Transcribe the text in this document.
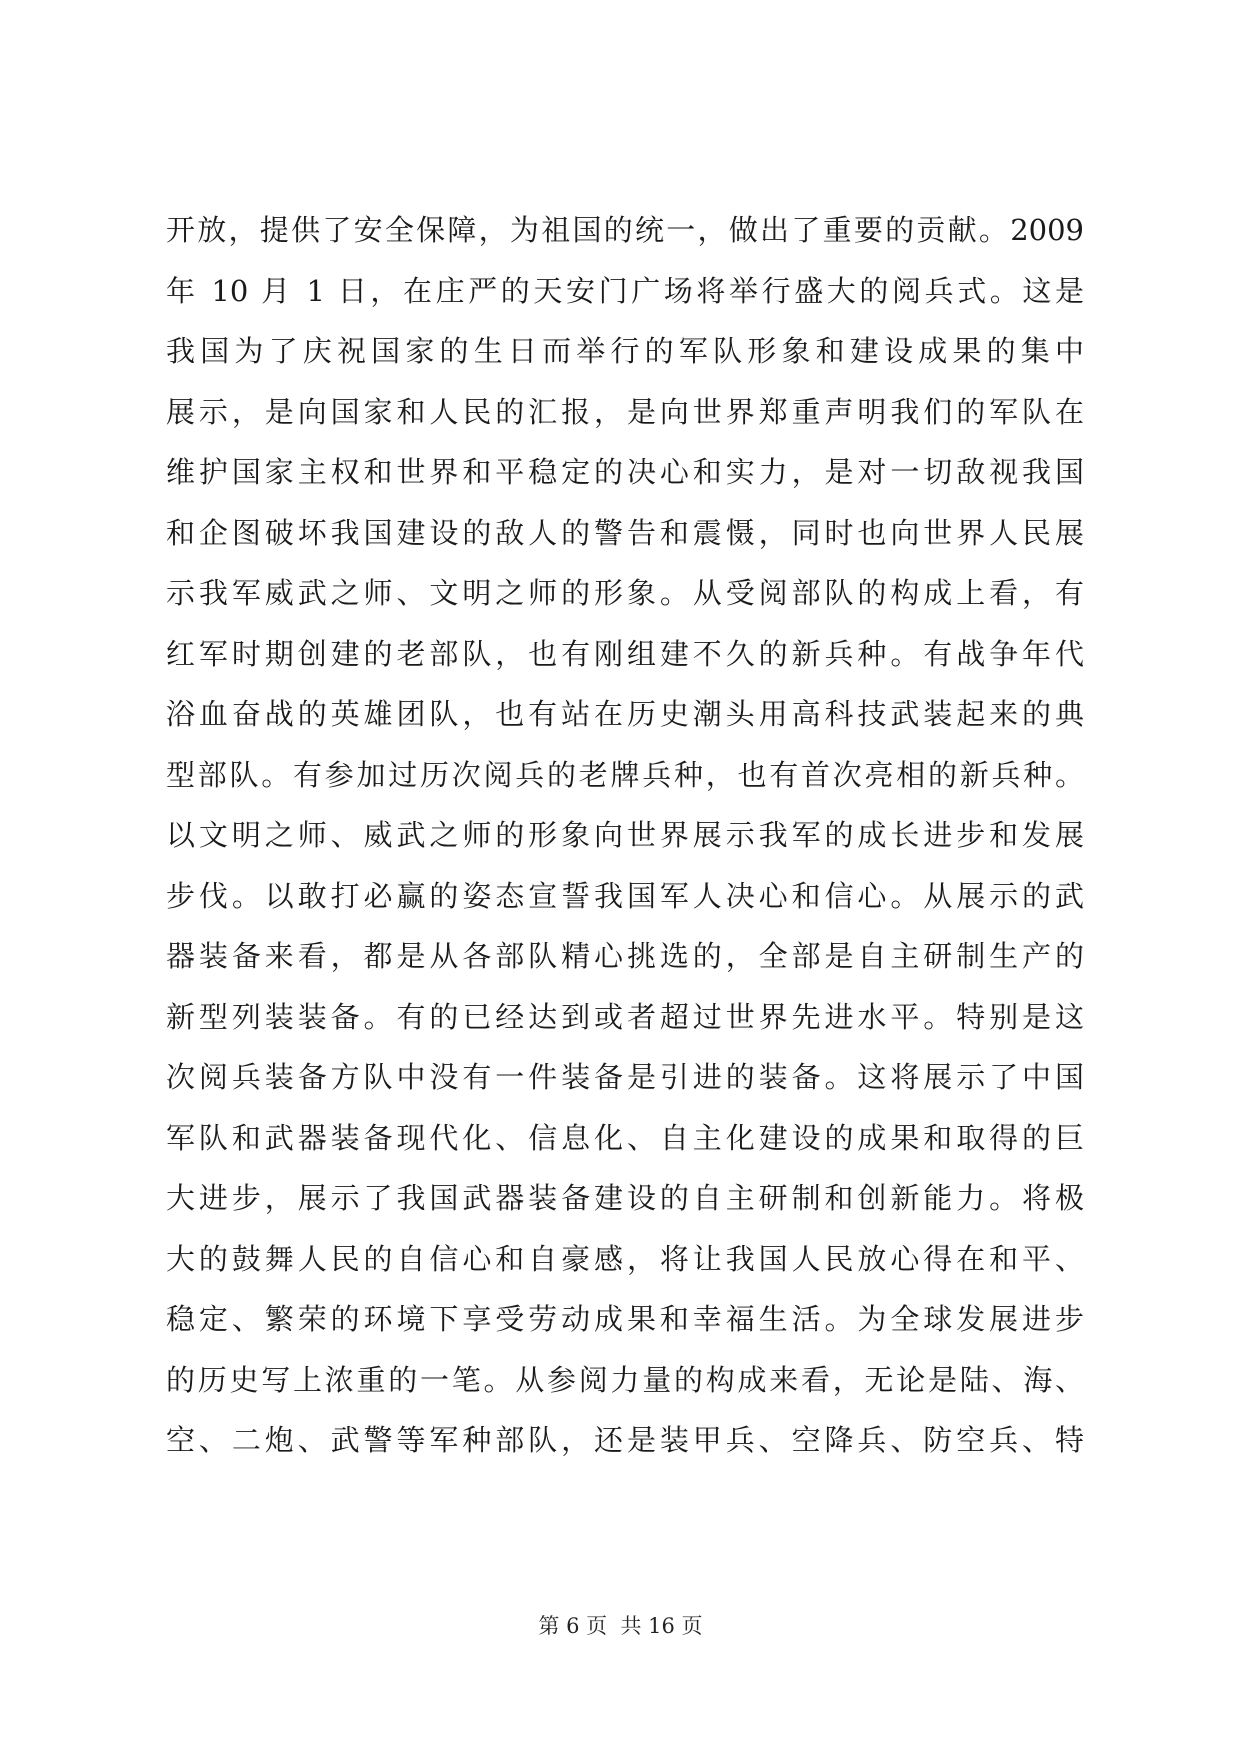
开放，提供了安全保障，为祖国的统一，做出了重要的贡献。2009
年 10 月 1 日，在庄严的天安门广场将举行盛大的阅兵式。这是
我国为了庆祝国家的生日而举行的军队形象和建设成果的集中
展示，是向国家和人民的汇报，是向世界郑重声明我们的军队在
维护国家主权和世界和平稳定的决心和实力，是对一切敌视我国
和企图破坏我国建设的敌人的警告和震慑，同时也向世界人民展
示我军威武之师、文明之师的形象。从受阅部队的构成上看，有
红军时期创建的老部队，也有刚组建不久的新兵种。有战争年代
浴血奋战的英雄团队，也有站在历史潮头用高科技武装起来的典
型部队。有参加过历次阅兵的老牌兵种，也有首次亮相的新兵种。
以文明之师、威武之师的形象向世界展示我军的成长进步和发展
步伐。以敢打必赢的姿态宣誓我国军人决心和信心。从展示的武
器装备来看，都是从各部队精心挑选的，全部是自主研制生产的
新型列装装备。有的已经达到或者超过世界先进水平。特别是这
次阅兵装备方队中没有一件装备是引进的装备。这将展示了中国
军队和武器装备现代化、信息化、自主化建设的成果和取得的巨
大进步，展示了我国武器装备建设的自主研制和创新能力。将极
大的鼓舞人民的自信心和自豪感，将让我国人民放心得在和平、
稳定、繁荣的环境下享受劳动成果和幸福生活。为全球发展进步
的历史写上浓重的一笔。从参阅力量的构成来看，无论是陆、海、
空、二炮、武警等军种部队，还是装甲兵、空降兵、防空兵、特
第 6 页  共 16 页
